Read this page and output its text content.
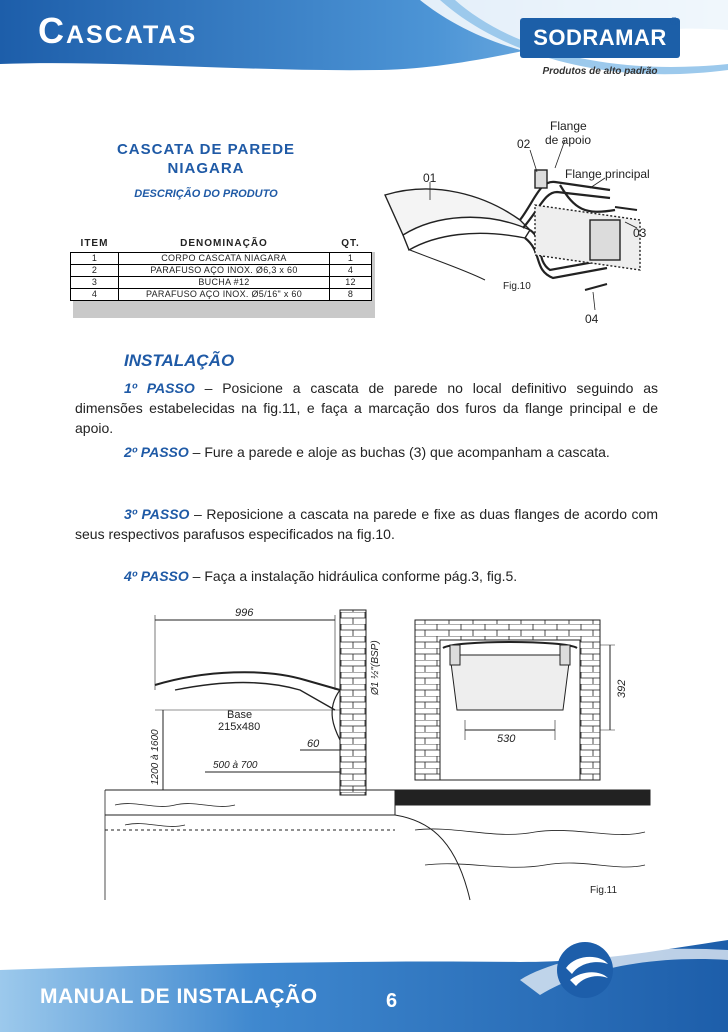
Cascatas	SODRAMAR
®
Produtos de alto padrão
CASCATA DE PAREDE
NIAGARA
DESCRIÇÃO DO PRODUTO
ITEM	DENOMINAÇÃO	QT.
1	CORPO CASCATA NIAGARA	1
2	PARAFUSO AÇO INOX. Ø6,3 x 60	4
3	BUCHA #12	12
4	PARAFUSO AÇO INOX. Ø5/16" x 60	8
01
02
03
04
Flange
de apoio
Flange principal
Fig.10
INSTALAÇÃO
1º PASSO – Posicione a cascata de parede no local definitivo seguindo as dimensões estabelecidas na fig.11, e faça a marcação dos furos da flange principal e de apoio.
2º PASSO – Fure a parede e aloje as buchas (3) que acompanham a cascata.
3º PASSO – Reposicione a cascata na parede e fixe as duas flanges de acordo com seus respectivos parafusos especificados na fig.10.
4º PASSO – Faça a instalação hidráulica conforme pág.3, fig.5.
996
Ø1 ½"(BSP)
Base
215x480
60
1200 à 1600	500 à 700
392
530
Fig.11
MANUAL DE INSTALAÇÃO	6
